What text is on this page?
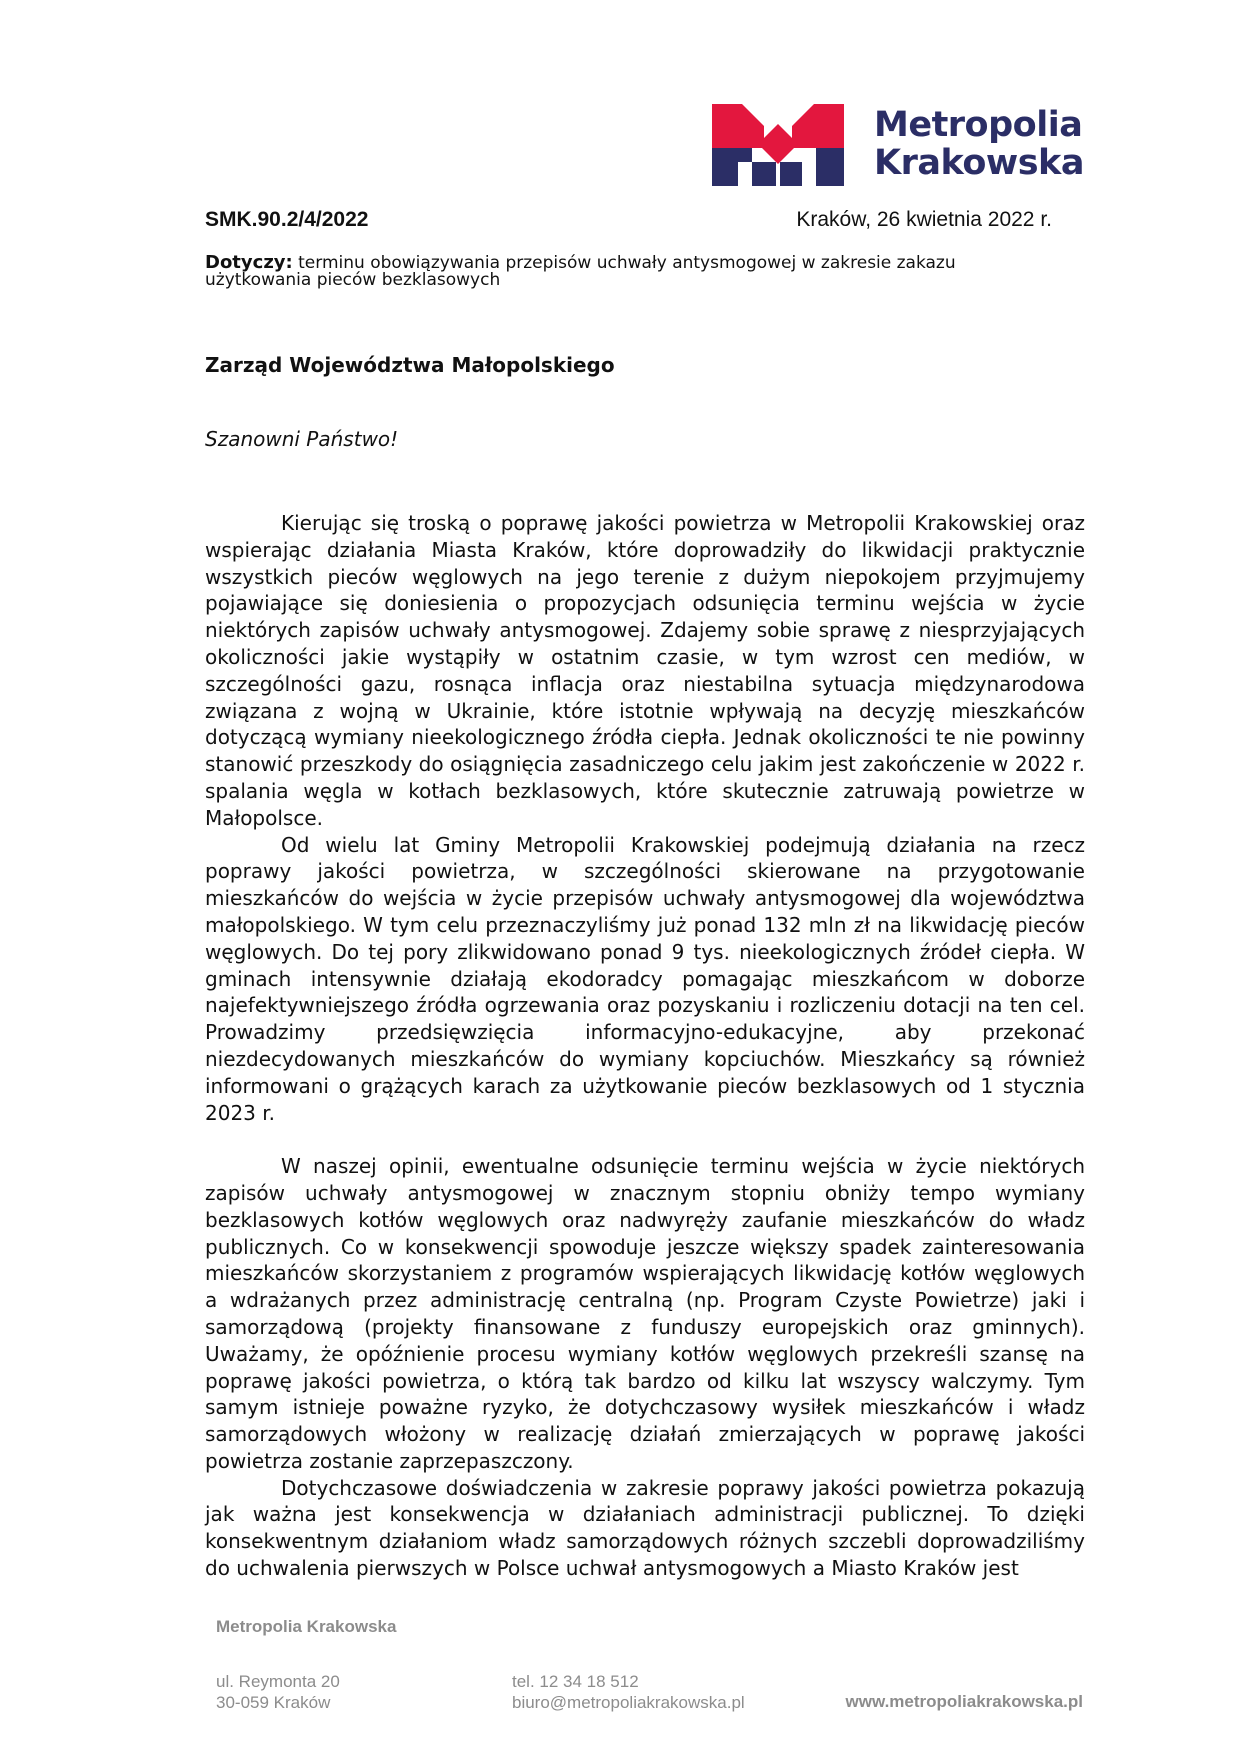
Metropolia
Krakowska
SMK.90.2/4/2022	Kraków, 26 kwietnia 2022 r.
Dotyczy: terminu obowiązywania przepisów uchwały antysmogowej w zakresie zakazu użytkowania pieców bezklasowych
Zarząd Województwa Małopolskiego
Szanowni Państwo!

Kierując się troską o poprawę jakości powietrza w Metropolii Krakowskiej oraz wspierając działania Miasta Kraków, które doprowadziły do likwidacji praktycznie wszystkich pieców węglowych na jego terenie z dużym niepokojem przyjmujemy pojawiające się doniesienia o propozycjach odsunięcia terminu wejścia w życie niektórych zapisów uchwały antysmogowej. Zdajemy sobie sprawę z niesprzyjających okoliczności jakie wystąpiły w ostatnim czasie, w tym wzrost cen mediów, w szczególności gazu, rosnąca inflacja oraz niestabilna sytuacja międzynarodowa związana z wojną w Ukrainie, które istotnie wpływają na decyzję mieszkańców dotyczącą wymiany nieekologicznego źródła ciepła. Jednak okoliczności te nie powinny stanowić przeszkody do osiągnięcia zasadniczego celu jakim jest zakończenie w 2022 r. spalania węgla w kotłach bezklasowych, które skutecznie zatruwają powietrze w Małopolsce.

Od wielu lat Gminy Metropolii Krakowskiej podejmują działania na rzecz poprawy jakości powietrza, w szczególności skierowane na przygotowanie mieszkańców do wejścia w życie przepisów uchwały antysmogowej dla województwa małopolskiego. W tym celu przeznaczyliśmy już ponad 132 mln zł na likwidację pieców węglowych. Do tej pory zlikwidowano ponad 9 tys. nieekologicznych źródeł ciepła. W gminach intensywnie działają ekodoradcy pomagając mieszkańcom w doborze najefektywniejszego źródła ogrzewania oraz pozyskaniu i rozliczeniu dotacji na ten cel. Prowadzimy przedsięwzięcia informacyjno-edukacyjne, aby przekonać niezdecydowanych mieszkańców do wymiany kopciuchów. Mieszkańcy są również informowani o grążących karach za użytkowanie pieców bezklasowych od 1 stycznia 2023 r.

W naszej opinii, ewentualne odsunięcie terminu wejścia w życie niektórych zapisów uchwały antysmogowej w znacznym stopniu obniży tempo wymiany bezklasowych kotłów węglowych oraz nadwyręży zaufanie mieszkańców do władz publicznych. Co w konsekwencji spowoduje jeszcze większy spadek zainteresowania mieszkańców skorzystaniem z programów wspierających likwidację kotłów węglowych a wdrażanych przez administrację centralną (np. Program Czyste Powietrze) jaki i samorządową (projekty finansowane z funduszy europejskich oraz gminnych). Uważamy, że opóźnienie procesu wymiany kotłów węglowych przekreśli szansę na poprawę jakości powietrza, o którą tak bardzo od kilku lat wszyscy walczymy. Tym samym istnieje poważne ryzyko, że dotychczasowy wysiłek mieszkańców i władz samorządowych włożony w realizację działań zmierzających w poprawę jakości powietrza zostanie zaprzepaszczony.

Dotychczasowe doświadczenia w zakresie poprawy jakości powietrza pokazują jak ważna jest konsekwencja w działaniach administracji publicznej. To dzięki konsekwentnym działaniom władz samorządowych różnych szczebli doprowadziliśmy do uchwalenia pierwszych w Polsce uchwał antysmogowych a Miasto Kraków jest

Metropolia Krakowska
ul. Reymonta 20
30-059 Kraków
tel. 12 34 18 512
biuro@metropoliakrakowska.pl	www.metropoliakrakowska.pl
